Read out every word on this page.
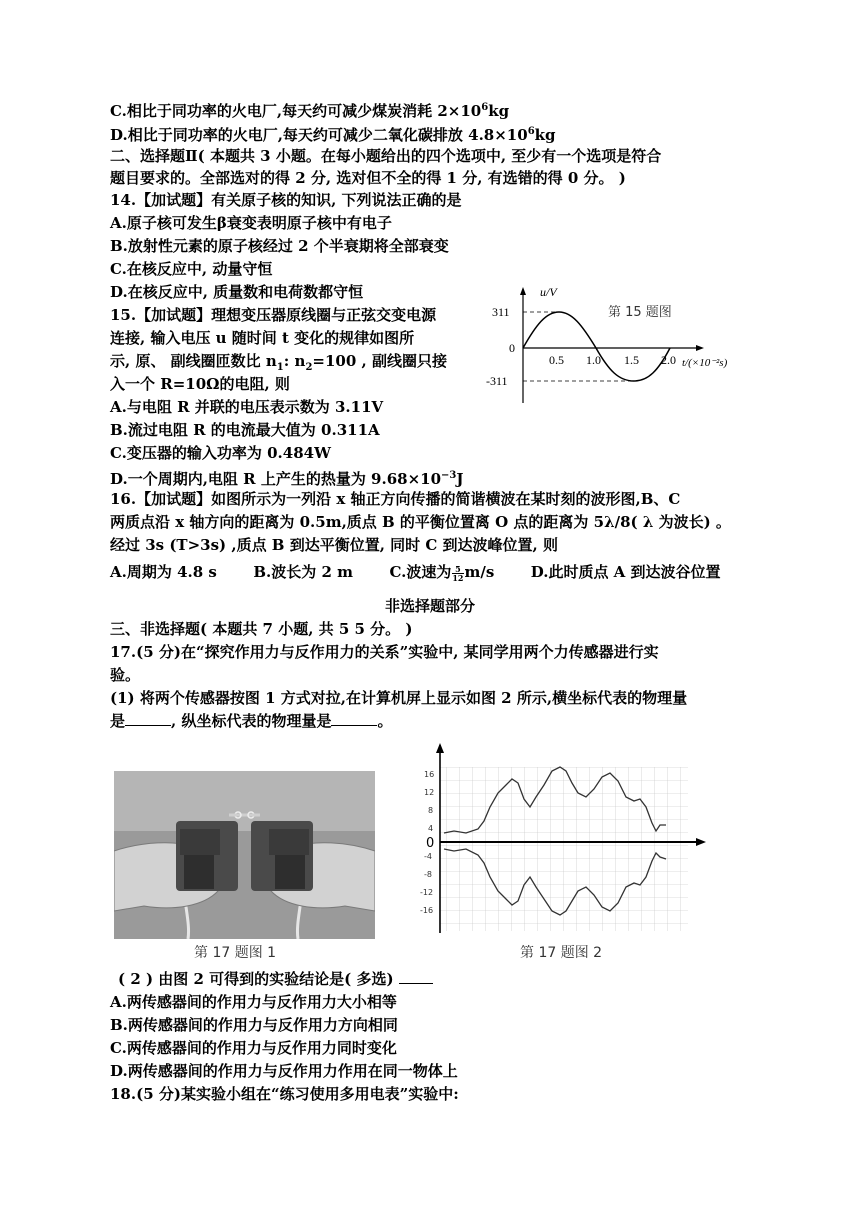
C.相比于同功率的火电厂,每天约可减少煤炭消耗 $2\times 10^6kg$
D.相比于同功率的火电厂,每天约可减少二氧化碳排放 $4.8\times 10^6kg$
二、选择题Ⅱ( 本题共 3 小题。在每小题给出的四个选项中, 至少有一个选项是符合
题目要求的。全部选对的得 2 分, 选对但不全的得 1 分, 有选错的得 0 分。 )
14.【加试题】有关原子核的知识, 下列说法正确的是
A.原子核可发生β衰变表明原子核中有电子
B.放射性元素的原子核经过 2 个半衰期将全部衰变
C.在核反应中, 动量守恒
D.在核反应中, 质量数和电荷数都守恒
15.【加试题】理想变压器原线圈与正弦交变电源
连接, 输入电压 u 随时间 t 变化的规律如图所
示, 原、 副线圈匝数比 $n_1$: $n_2=100$ , 副线圈只接
入一个 R=10Ω的电阻, 则
A.与电阻 R 并联的电压表示数为 3.11V
B.流过电阻 R 的电流最大值为 0.311A
C.变压器的输入功率为 0.484W
D.一个周期内,电阻 R 上产生的热量为 $9.68\times 10^{-3}J$
u/V
311
0
-311
0.5 1.0 1.5 2.0 t/(×10⁻²s)
第 15 题图
16.【加试题】如图所示为一列沿 x 轴正方向传播的简谐横波在某时刻的波形图,B、C
两质点沿 x 轴方向的距离为 0.5m,质点 B 的平衡位置离 O 点的距离为 5λ/8( λ 为波长) 。
经过 3s (T>3s) ,质点 B 到达平衡位置, 同时 C 到达波峰位置, 则
A.周期为 4.8 s B.波长为 2 m C.波速为 $\frac{5}{12} m/s$ D.此时质点 A 到达波谷位置
非选择题部分
三、非选择题( 本题共 7 小题, 共 5 5 分。 )
17.(5 分)在“探究作用力与反作用力的关系”实验中, 某同学用两个力传感器进行实
验。
(1) 将两个传感器按图 1 方式对拉,在计算机屏上显示如图 2 所示,横坐标代表的物理量
是	, 纵坐标代表的物理量是	。
第 17 题图 1
16
12
8
4
-4
-8
-12
-16
0
第 17 题图 2
( 2 ) 由图 2 可得到的实验结论是( 多选)
A.两传感器间的作用力与反作用力大小相等
B.两传感器间的作用力与反作用力方向相同
C.两传感器间的作用力与反作用力同时变化
D.两传感器间的作用力与反作用力作用在同一物体上
18.(5 分)某实验小组在“练习使用多用电表”实验中:
